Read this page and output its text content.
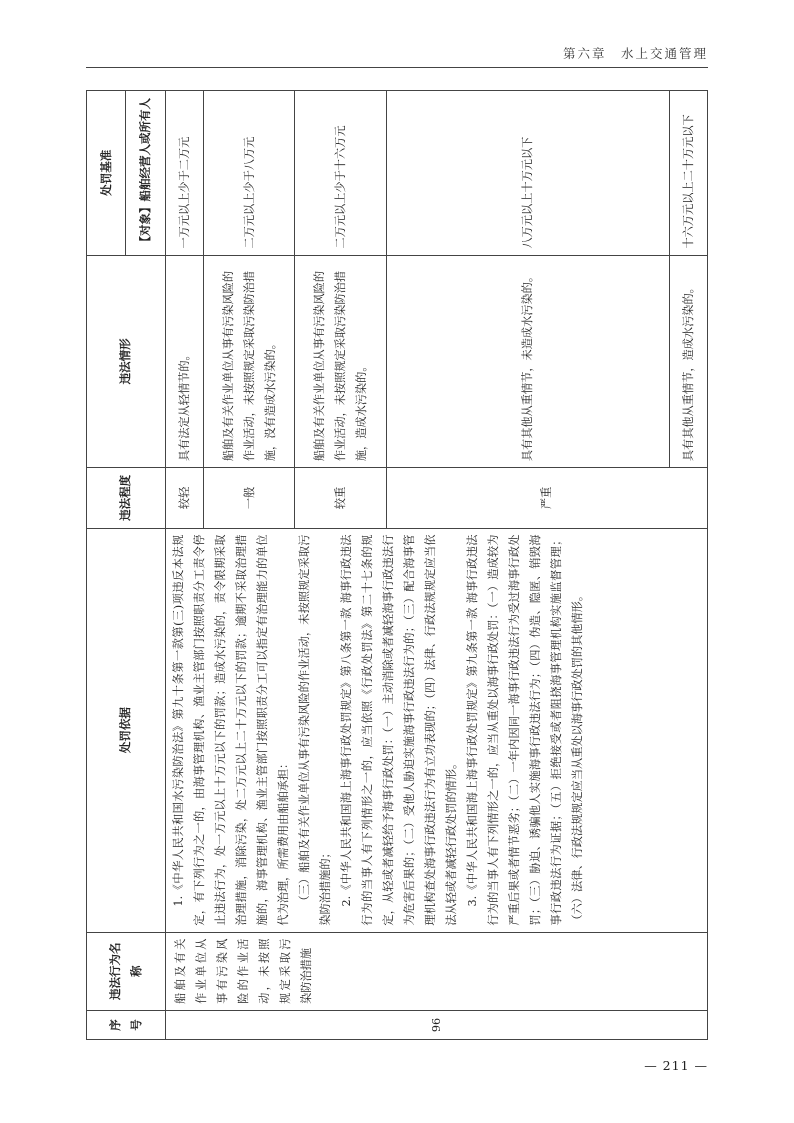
第六章　水上交通管理
序号	违法行为名称	处罚依据	违法程度	违法情形	处罚基准
					【对象】船舶经营人或所有人
96	船舶及有关作业单位从事有污染风险的作业活动，未按照规定采取污染防治措施	1.《中华人民共和国水污染防治法》第九十条第一款第(三)项违反本法规定，有下列行为之一的，由海事管理机构、渔业主管部门按照职责分工责令停止违法行为，处一万元以上十万元以下的罚款；造成水污染的，责令限期采取治理措施，消除污染，处二万元以上二十万元以下的罚款；逾期不采取治理措施的，海事管理机构、渔业主管部门按照职责分工可以指定有治理能力的单位代为治理，所需费用由船舶承担： （三）船舶及有关作业单位从事有污染风险的作业活动，未按照规定采取污染防治措施的； 2.《中华人民共和国海上海事行政处罚规定》第八条第一款 海事行政违法行为的当事人有下列情形之一的，应当依照《行政处罚法》第二十七条的规定，从轻或者减轻给予海事行政处罚：（一）主动消除或者减轻海事行政违法行为危害后果的；（二）受他人胁迫实施海事行政违法行为的；（三）配合海事管理机构查处海事行政违法行为有立功表现的；（四）法律、行政法规规定应当依法从轻或者减轻行政处罚的情形。 3.《中华人民共和国海上海事行政处罚规定》第九条第一款 海事行政违法行为的当事人有下列情形之一的，应当从重处以海事行政处罚：（一）造成较为严重后果或者情节恶劣；（二）一年内因同一海事行政违法行为受过海事行政处罚；（三）胁迫、诱骗他人实施海事行政违法行为；（四）伪造、隐匿、销毁海事行政违法行为证据；（五）拒绝接受或者阻挠海事管理机构实施监督管理；（六）法律、行政法规规定应当从重处以海事行政处罚的其他情形。	较轻	具有法定从轻情节的。	一万元以上少于二万元
			一般	船舶及有关作业单位从事有污染风险的作业活动，未按照规定采取污染防治措施，没有造成水污染的。	二万元以上少于八万元
			较重	船舶及有关作业单位从事有污染风险的作业活动，未按照规定采取污染防治措施，造成水污染的。	二万元以上少于十六万元
			严重	具有其他从重情节，未造成水污染的。	八万元以上十万元以下
				具有其他从重情节，造成水污染的。	十六万元以上二十万元以下
— 211 —
